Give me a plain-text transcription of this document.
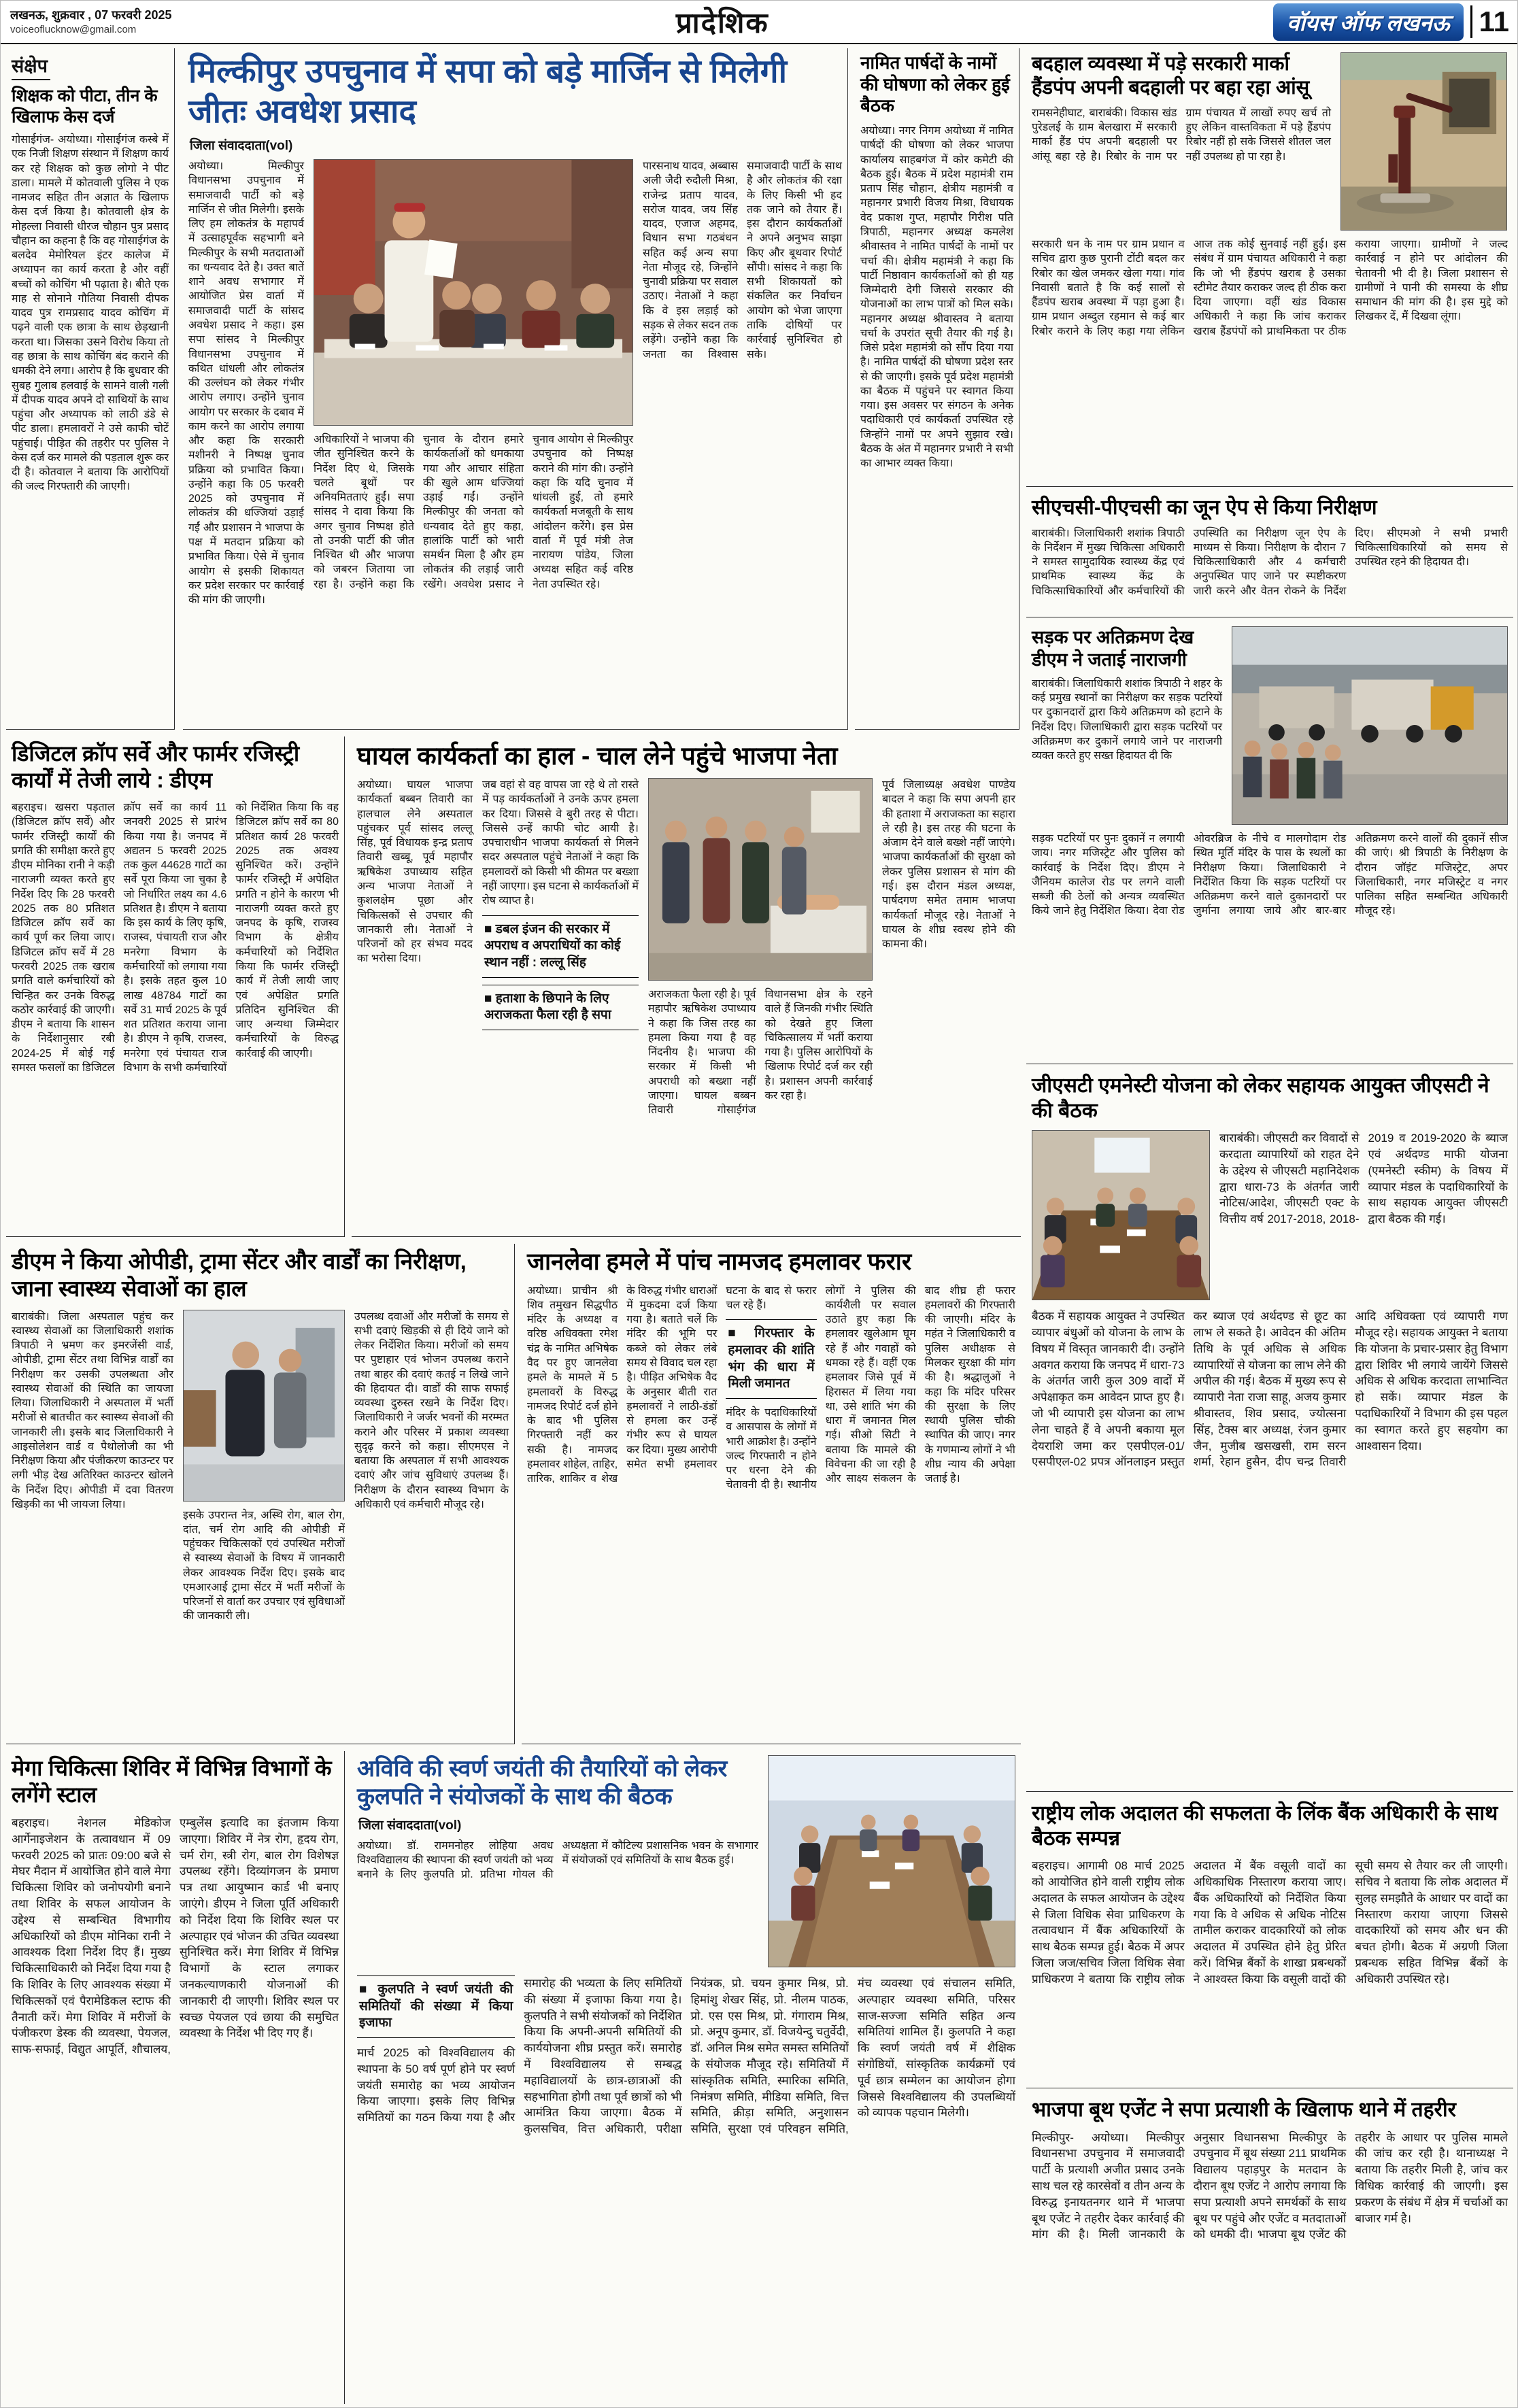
लखनऊ, शुक्रवार , 07 फरवरी 2025
voiceoflucknow@gmail.com	प्रादेशिक	वॉयस ऑफ लखनऊ	11
संक्षेप
शिक्षक को पीटा, तीन के खिलाफ केस दर्ज
गोसाईगंज- अयोध्या। गोसाईगंज कस्बे में एक निजी शिक्षण संस्थान में शिक्षण कार्य कर रहे शिक्षक को कुछ लोगो ने पीट डाला। मामले में कोतवाली पुलिस ने एक नामजद सहित तीन अज्ञात के खिलाफ केस दर्ज किया है। कोतवाली क्षेत्र के मोहल्ला निवासी धीरज चौहान पुत्र प्रसाद चौहान का कहना है कि वह गोसाईगंज के बलदेव मेमोरियल इंटर कालेज में अध्यापन का कार्य करता है और वहीं बच्चों को कोचिंग भी पढ़ाता है। बीते एक माह से सोनाने गौतिया निवासी दीपक यादव पुत्र रामप्रसाद यादव कोचिंग में पढ़ने वाली एक छात्रा के साथ छेड़खानी करता था। जिसका उसने विरोध किया तो वह छात्रा के साथ कोचिंग बंद कराने की धमकी देने लगा। आरोप है कि बुधवार की सुबह गुलाब हलवाई के सामने वाली गली में दीपक यादव अपने दो साथियों के साथ पहुंचा और अध्यापक को लाठी डंडे से पीट डाला। हमलावरों ने उसे काफी चोटें पहुंचाई। पीड़ित की तहरीर पर पुलिस ने केस दर्ज कर मामले की पड़ताल शुरू कर दी है। कोतवाल ने बताया कि आरोपियों की जल्द गिरफ्तारी की जाएगी।
मिल्कीपुर उपचुनाव में सपा को बड़े मार्जिन से मिलेगी जीतः अवधेश प्रसाद
जिला संवाददाता(vol)
अयोध्या। मिल्कीपुर विधानसभा उपचुनाव में समाजवादी पार्टी को बड़े मार्जिन से जीत मिलेगी। इसके लिए हम लोकतंत्र के महापर्व में उत्साहपूर्वक सहभागी बने मिल्कीपुर के सभी मतदाताओं का धन्यवाद देते है। उक्त बातें शाने अवध सभागार में आयोजित प्रेस वार्ता में समाजवादी पार्टी के सांसद अवधेश प्रसाद ने कहा। इस सपा सांसद ने मिल्कीपुर विधानसभा उपचुनाव में कथित धांधली और लोकतंत्र की उल्लंघन को लेकर गंभीर आरोप लगाए। उन्होंने चुनाव आयोग पर सरकार के दबाव में काम करने का आरोप लगाया और कहा कि सरकारी मशीनरी ने निष्पक्ष चुनाव प्रक्रिया को प्रभावित किया। उन्होंने कहा कि 05 फरवरी 2025 को उपचुनाव में लोकतंत्र की धज्जियां उड़ाई गईं और प्रशासन ने भाजपा के पक्ष में मतदान प्रक्रिया को प्रभावित किया। ऐसे में चुनाव आयोग से इसकी शिकायत कर प्रदेश सरकार पर कार्रवाई की मांग की जाएगी।
अधिकारियों ने भाजपा की जीत सुनिश्चित करने के निर्देश दिए थे, जिसके चलते बूथों पर अनियमितताएं हुईं। सपा सांसद ने दावा किया कि अगर चुनाव निष्पक्ष होते तो उनकी पार्टी की जीत निश्चित थी और भाजपा को जबरन जिताया जा रहा है। उन्होंने कहा कि चुनाव के दौरान हमारे कार्यकर्ताओं को धमकाया गया और आचार संहिता की खुले आम धज्जियां उड़ाई गईं। उन्होंने मिल्कीपुर की जनता को धन्यवाद देते हुए कहा, हालांकि पार्टी को भारी समर्थन मिला है और हम लोकतंत्र की लड़ाई जारी रखेंगे। अवधेश प्रसाद ने चुनाव आयोग से मिल्कीपुर उपचुनाव को निष्पक्ष कराने की मांग की। उन्होंने कहा कि यदि चुनाव में धांधली हुई, तो हमारे कार्यकर्ता मजबूती के साथ आंदोलन करेंगे। इस प्रेस वार्ता में पूर्व मंत्री तेज नारायण पांडेय, जिला अध्यक्ष सहित कई वरिष्ठ नेता उपस्थित रहे।
पारसनाथ यादव, अब्बास अली जैदी रुदौली मिश्रा, राजेन्द्र प्रताप यादव, सरोज यादव, जय सिंह यादव, एजाज अहमद, विधान सभा गठबंधन सहित कई अन्य सपा नेता मौजूद रहे, जिन्होंने चुनावी प्रक्रिया पर सवाल उठाए। नेताओं ने कहा कि वे इस लड़ाई को सड़क से लेकर सदन तक लड़ेंगे। उन्होंने कहा कि जनता का विश्वास समाजवादी पार्टी के साथ है और लोकतंत्र की रक्षा के लिए किसी भी हद तक जाने को तैयार हैं। इस दौरान कार्यकर्ताओं ने अपने अनुभव साझा किए और बूथवार रिपोर्ट सौंपी। सांसद ने कहा कि सभी शिकायतों को संकलित कर निर्वाचन आयोग को भेजा जाएगा ताकि दोषियों पर कार्रवाई सुनिश्चित हो सके।
नामित पार्षदों के नामों की घोषणा को लेकर हुई बैठक
अयोध्या। नगर निगम अयोध्या में नामित पार्षदों की घोषणा को लेकर भाजपा कार्यालय साहबगंज में कोर कमेटी की बैठक हुई। बैठक में प्रदेश महामंत्री राम प्रताप सिंह चौहान, क्षेत्रीय महामंत्री व महानगर प्रभारी विजय मिश्रा, विधायक वेद प्रकाश गुप्त, महापौर गिरीश पति त्रिपाठी, महानगर अध्यक्ष कमलेश श्रीवास्तव ने नामित पार्षदों के नामों पर चर्चा की। क्षेत्रीय महामंत्री ने कहा कि पार्टी निष्ठावान कार्यकर्ताओं को ही यह जिम्मेदारी देगी जिससे सरकार की योजनाओं का लाभ पात्रों को मिल सके। महानगर अध्यक्ष श्रीवास्तव ने बताया चर्चा के उपरांत सूची तैयार की गई है। जिसे प्रदेश महामंत्री को सौंप दिया गया है। नामित पार्षदों की घोषणा प्रदेश स्तर से की जाएगी। इसके पूर्व प्रदेश महामंत्री का बैठक में पहुंचने पर स्वागत किया गया। इस अवसर पर संगठन के अनेक पदाधिकारी एवं कार्यकर्ता उपस्थित रहे जिन्होंने नामों पर अपने सुझाव रखे। बैठक के अंत में महानगर प्रभारी ने सभी का आभार व्यक्त किया।
बदहाल व्यवस्था में पड़े सरकारी मार्का हैंडपंप अपनी बदहाली पर बहा रहा आंसू
रामसनेहीघाट, बाराबंकी। विकास खंड पुरेडलई के ग्राम बेलखारा में सरकारी मार्का हैंड पंप अपनी बदहाली पर आंसू बहा रहे है। रिबोर के नाम पर ग्राम पंचायत में लाखों रुपए खर्च तो हुए लेकिन वास्तविकता में पड़े हैंडपंप रिबोर नहीं हो सके जिससे शीतल जल नहीं उपलब्ध हो पा रहा है।
सरकारी धन के नाम पर ग्राम प्रधान व सचिव द्वारा कुछ पुरानी टोंटी बदल कर रिबोर का खेल जमकर खेला गया। गांव निवासी बताते है कि कई सालों से हैंडपंप खराब अवस्था में पड़ा हुआ है। ग्राम प्रधान अब्दुल रहमान से कई बार रिबोर कराने के लिए कहा गया लेकिन आज तक कोई सुनवाई नहीं हुई। इस संबंध में ग्राम पंचायत अधिकारी ने कहा कि जो भी हैंडपंप खराब है उसका स्टीमेट तैयार कराकर जल्द ही ठीक करा दिया जाएगा। वहीं खंड विकास अधिकारी ने कहा कि जांच कराकर खराब हैंडपंपों को प्राथमिकता पर ठीक कराया जाएगा। ग्रामीणों ने जल्द कार्रवाई न होने पर आंदोलन की चेतावनी भी दी है। जिला प्रशासन से ग्रामीणों ने पानी की समस्या के शीघ्र समाधान की मांग की है। इस मुद्दे को लिखकर दें, मैं दिखवा लूंगा।
सीएचसी-पीएचसी का जून ऐप से किया निरीक्षण
बाराबंकी। जिलाधिकारी शशांक त्रिपाठी के निर्देशन में मुख्य चिकित्सा अधिकारी ने समस्त सामुदायिक स्वास्थ्य केंद्र एवं प्राथमिक स्वास्थ्य केंद्र के चिकित्साधिकारियों और कर्मचारियों की उपस्थिति का निरीक्षण जून ऐप के माध्यम से किया। निरीक्षण के दौरान 7 चिकित्साधिकारी और 4 कर्मचारी अनुपस्थित पाए जाने पर स्पष्टीकरण जारी करने और वेतन रोकने के निर्देश दिए। सीएमओ ने सभी प्रभारी चिकित्साधिकारियों को समय से उपस्थित रहने की हिदायत दी।
सड़क पर अतिक्रमण देख डीएम ने जताई नाराजगी
बाराबंकी। जिलाधिकारी शशांक त्रिपाठी ने शहर के कई प्रमुख स्थानों का निरीक्षण कर सड़क पटरियों पर दुकानदारों द्वारा किये अतिक्रमण को हटाने के निर्देश दिए। जिलाधिकारी द्वारा सड़क पटरियों पर अतिक्रमण कर दुकानें लगाये जाने पर नाराजगी व्यक्त करते हुए सख्त हिदायत दी कि
सड़क पटरियों पर पुनः दुकानें न लगायी जाय। नगर मजिस्ट्रेट और पुलिस को कार्रवाई के निर्देश दिए। डीएम ने जैनियम कालेज रोड पर लगने वाली सब्जी की ठेलों को अन्यत्र व्यवस्थित किये जाने हेतु निर्देशित किया। देवा रोड ओवरब्रिज के नीचे व मालगोदाम रोड स्थित मूर्ति मंदिर के पास के स्थलों का निरीक्षण किया। जिलाधिकारी ने निर्देशित किया कि सड़क पटरियों पर अतिक्रमण करने वाले दुकानदारों पर जुर्माना लगाया जाये और बार-बार अतिक्रमण करने वालों की दुकानें सीज की जाएं। श्री त्रिपाठी के निरीक्षण के दौरान जॉइंट मजिस्ट्रेट, अपर जिलाधिकारी, नगर मजिस्ट्रेट व नगर पालिका सहित सम्बन्धित अधिकारी मौजूद रहे।
जीएसटी एमनेस्टी योजना को लेकर सहायक आयुक्त जीएसटी ने की बैठक
बाराबंकी। जीएसटी कर विवादों से करदाता व्यापारियों को राहत देने के उद्देश्य से जीएसटी महानिदेशक द्वारा धारा-73 के अंतर्गत जारी नोटिस/आदेश, जीएसटी एक्ट के वित्तीय वर्ष 2017-2018, 2018-2019 व 2019-2020 के ब्याज एवं अर्थदण्ड माफी योजना (एमनेस्टी स्कीम) के विषय में व्यापार मंडल के पदाधिकारियों के साथ सहायक आयुक्त जीएसटी द्वारा बैठक की गई।
बैठक में सहायक आयुक्त ने उपस्थित व्यापार बंधुओं को योजना के लाभ के विषय में विस्तृत जानकारी दी। उन्होंने अवगत कराया कि जनपद में धारा-73 के अंतर्गत जारी कुल 309 वादों में अपेक्षाकृत कम आवेदन प्राप्त हुए है। जो भी व्यापारी इस योजना का लाभ लेना चाहते हैं वे अपनी बकाया मूल देयराशि जमा कर एसपीएल-01/एसपीएल-02 प्रपत्र ऑनलाइन प्रस्तुत कर ब्याज एवं अर्थदण्ड से छूट का लाभ ले सकते है। आवेदन की अंतिम तिथि के पूर्व अधिक से अधिक व्यापारियों से योजना का लाभ लेने की अपील की गई। बैठक में मुख्य रूप से व्यापारी नेता राजा साहू, अजय कुमार श्रीवास्तव, शिव प्रसाद, ज्योत्सना सिंह, टैक्स बार अध्यक्ष, रंजन कुमार जैन, मुजीब खसखसी, राम सरन शर्मा, रेहान हुसैन, दीप चन्द्र तिवारी आदि अधिवक्ता एवं व्यापारी गण मौजूद रहे। सहायक आयुक्त ने बताया कि योजना के प्रचार-प्रसार हेतु विभाग द्वारा शिविर भी लगाये जायेंगे जिससे अधिक से अधिक करदाता लाभान्वित हो सकें। व्यापार मंडल के पदाधिकारियों ने विभाग की इस पहल का स्वागत करते हुए सहयोग का आश्वासन दिया।
राष्ट्रीय लोक अदालत की सफलता के लिंक बैंक अधिकारी के साथ बैठक सम्पन्न
बहराइच। आगामी 08 मार्च 2025 को आयोजित होने वाली राष्ट्रीय लोक अदालत के सफल आयोजन के उद्देश्य से जिला विधिक सेवा प्राधिकरण के तत्वावधान में बैंक अधिकारियों के साथ बैठक सम्पन्न हुई। बैठक में अपर जिला जज/सचिव जिला विधिक सेवा प्राधिकरण ने बताया कि राष्ट्रीय लोक अदालत में बैंक वसूली वादों का अधिकाधिक निस्तारण कराया जाए। बैंक अधिकारियों को निर्देशित किया गया कि वे अधिक से अधिक नोटिस तामील कराकर वादकारियों को लोक अदालत में उपस्थित होने हेतु प्रेरित करें। विभिन्न बैंकों के शाखा प्रबन्धकों ने आश्वस्त किया कि वसूली वादों की सूची समय से तैयार कर ली जाएगी। सचिव ने बताया कि लोक अदालत में सुलह समझौते के आधार पर वादों का निस्तारण कराया जाएगा जिससे वादकारियों को समय और धन की बचत होगी। बैठक में अग्रणी जिला प्रबन्धक सहित विभिन्न बैंकों के अधिकारी उपस्थित रहे।
भाजपा बूथ एजेंट ने सपा प्रत्याशी के खिलाफ थाने में तहरीर
मिल्कीपुर- अयोध्या। मिल्कीपुर विधानसभा उपचुनाव में समाजवादी पार्टी के प्रत्याशी अजीत प्रसाद उनके साथ चल रहे कारसेवों व तीन अन्य के विरुद्ध इनायतनगर थाने में भाजपा बूथ एजेंट ने तहरीर देकर कार्रवाई की मांग की है। मिली जानकारी के अनुसार विधानसभा मिल्कीपुर के उपचुनाव में बूथ संख्या 211 प्राथमिक विद्यालय पहाड़पुर के मतदान के दौरान बूथ एजेंट ने आरोप लगाया कि सपा प्रत्याशी अपने समर्थकों के साथ बूथ पर पहुंचे और एजेंट व मतदाताओं को धमकी दी। भाजपा बूथ एजेंट की तहरीर के आधार पर पुलिस मामले की जांच कर रही है। थानाध्यक्ष ने बताया कि तहरीर मिली है, जांच कर विधिक कार्रवाई की जाएगी। इस प्रकरण के संबंध में क्षेत्र में चर्चाओं का बाजार गर्म है।
डिजिटल क्रॉप सर्वे और फार्मर रजिस्ट्री कार्यों में तेजी लाये : डीएम
बहराइच। खसरा पड़ताल (डिजिटल क्रॉप सर्वे) और फार्मर रजिस्ट्री कार्यों की प्रगति की समीक्षा करते हुए डीएम मोनिका रानी ने कड़ी नाराजगी व्यक्त करते हुए निर्देश दिए कि 28 फरवरी 2025 तक 80 प्रतिशत डिजिटल क्रॉप सर्वे का कार्य पूर्ण कर लिया जाए। डिजिटल क्रॉप सर्वे में 28 फरवरी 2025 तक खराब प्रगति वाले कर्मचारियों को चिन्हित कर उनके विरुद्ध कठोर कार्रवाई की जाएगी। डीएम ने बताया कि शासन के निर्देशानुसार रबी 2024-25 में बोई गई समस्त फसलों का डिजिटल क्रॉप सर्वे का कार्य 11 जनवरी 2025 से प्रारंभ किया गया है। जनपद में अद्यतन 5 फरवरी 2025 तक कुल 44628 गाटों का सर्वे पूरा किया जा चुका है जो निर्धारित लक्ष्य का 4.6 प्रतिशत है। डीएम ने बताया कि इस कार्य के लिए कृषि, राजस्व, पंचायती राज और मनरेगा विभाग के कर्मचारियों को लगाया गया है। इसके तहत कुल 10 लाख 48784 गाटों का सर्वे 31 मार्च 2025 के पूर्व शत प्रतिशत कराया जाना है। डीएम ने कृषि, राजस्व, मनरेगा एवं पंचायत राज विभाग के सभी कर्मचारियों को निर्देशित किया कि वह डिजिटल क्रॉप सर्वे का 80 प्रतिशत कार्य 28 फरवरी 2025 तक अवश्य सुनिश्चित करें। उन्होंने फार्मर रजिस्ट्री में अपेक्षित प्रगति न होने के कारण भी नाराजगी व्यक्त करते हुए जनपद के कृषि, राजस्व विभाग के क्षेत्रीय कर्मचारियों को निर्देशित किया कि फार्मर रजिस्ट्री कार्य में तेजी लायी जाए एवं अपेक्षित प्रगति प्रतिदिन सुनिश्चित की जाए अन्यथा जिम्मेदार कर्मचारियों के विरुद्ध कार्रवाई की जाएगी।
घायल कार्यकर्ता का हाल - चाल लेने पहुंचे भाजपा नेता
अयोध्या। घायल भाजपा कार्यकर्ता बब्बन तिवारी का हालचाल लेने अस्पताल पहुंचकर पूर्व सांसद लल्लू सिंह, पूर्व विधायक इन्द्र प्रताप तिवारी खब्बू, पूर्व महापौर ऋषिकेश उपाध्याय सहित अन्य भाजपा नेताओं ने कुशलक्षेम पूछा और चिकित्सकों से उपचार की जानकारी ली। नेताओं ने परिजनों को हर संभव मदद का भरोसा दिया।
जब वहां से वह वापस जा रहे थे तो रास्ते में पड़ कार्यकर्ताओं ने उनके ऊपर हमला कर दिया। जिससे वे बुरी तरह से पीटा। जिससे उन्हें काफी चोट आयी है। उपचाराधीन भाजपा कार्यकर्ता से मिलने सदर अस्पताल पहुंचे नेताओं ने कहा कि हमलावरों को किसी भी कीमत पर बख्शा नहीं जाएगा। इस घटना से कार्यकर्ताओं में रोष व्याप्त है।
■ डबल इंजन की सरकार में अपराध व अपराधियों का कोई स्थान नहीं : लल्लू सिंह
■ हताशा के छिपाने के लिए अराजकता फैला रही है सपा
अराजकता फैला रही है। पूर्व महापौर ऋषिकेश उपाध्याय ने कहा कि जिस तरह का हमला किया गया है वह निंदनीय है। भाजपा की सरकार में किसी भी अपराधी को बख्शा नहीं जाएगा। घायल बब्बन तिवारी गोसाईगंज विधानसभा क्षेत्र के रहने वाले हैं जिनकी गंभीर स्थिति को देखते हुए जिला चिकित्सालय में भर्ती कराया गया है। पुलिस आरोपियों के खिलाफ रिपोर्ट दर्ज कर रही है। प्रशासन अपनी कार्रवाई कर रहा है।
पूर्व जिलाध्यक्ष अवधेश पाण्डेय बादल ने कहा कि सपा अपनी हार की हताशा में अराजकता का सहारा ले रही है। इस तरह की घटना के अंजाम देने वाले बख्शे नहीं जाएंगे। भाजपा कार्यकर्ताओं की सुरक्षा को लेकर पुलिस प्रशासन से मांग की गई। इस दौरान मंडल अध्यक्ष, पार्षदगण समेत तमाम भाजपा कार्यकर्ता मौजूद रहे। नेताओं ने घायल के शीघ्र स्वस्थ होने की कामना की।
डीएम ने किया ओपीडी, ट्रामा सेंटर और वार्डों का निरीक्षण, जाना स्वास्थ्य सेवाओं का हाल
बाराबंकी। जिला अस्पताल पहुंच कर स्वास्थ्य सेवाओं का जिलाधिकारी शशांक त्रिपाठी ने भ्रमण कर इमरजेंसी वार्ड, ओपीडी, ट्रामा सेंटर तथा विभिन्न वार्डों का निरीक्षण कर उसकी उपलब्धता और स्वास्थ्य सेवाओं की स्थिति का जायजा लिया। जिलाधिकारी ने अस्पताल में भर्ती मरीजों से बातचीत कर स्वास्थ्य सेवाओं की जानकारी ली। इसके बाद जिलाधिकारी ने आइसोलेशन वार्ड व पैथोलोजी का भी निरीक्षण किया और पंजीकरण काउन्टर पर लगी भीड़ देख अतिरिक्त काउन्टर खोलने के निर्देश दिए। ओपीडी में दवा वितरण खिड़की का भी जायजा लिया।
इसके उपरान्त नेत्र, अस्थि रोग, बाल रोग, दांत, चर्म रोग आदि की ओपीडी में पहुंचकर चिकित्सकों एवं उपस्थित मरीजों से स्वास्थ्य सेवाओं के विषय में जानकारी लेकर आवश्यक निर्देश दिए। इसके बाद एमआरआई ट्रामा सेंटर में भर्ती मरीजों के परिजनों से वार्ता कर उपचार एवं सुविधाओं की जानकारी ली।
उपलब्ध दवाओं और मरीजों के समय से सभी दवाएं खिड़की से ही दिये जाने को लेकर निर्देशित किया। मरीजों को समय पर पुष्टाहार एवं भोजन उपलब्ध कराने तथा बाहर की दवाएं कतई न लिखे जाने की हिदायत दी। वार्डों की साफ सफाई व्यवस्था दुरुस्त रखने के निर्देश दिए। जिलाधिकारी ने जर्जर भवनों की मरम्मत कराने और परिसर में प्रकाश व्यवस्था सुदृढ़ करने को कहा। सीएमएस ने बताया कि अस्पताल में सभी आवश्यक दवाएं और जांच सुविधाएं उपलब्ध हैं। निरीक्षण के दौरान स्वास्थ्य विभाग के अधिकारी एवं कर्मचारी मौजूद रहे।
जानलेवा हमले में पांच नामजद हमलावर फरार
अयोध्या। प्राचीन श्री शिव तमुखन सिद्धपीठ मंदिर के अध्यक्ष व वरिष्ठ अधिवक्ता रमेश चंद्र के नामित अभिषेक वैद पर हुए जानलेवा हमले के मामले में 5 हमलावरों के विरुद्ध नामजद रिपोर्ट दर्ज होने के बाद भी पुलिस गिरफ्तारी नहीं कर सकी है। नामजद हमलावर शोहेल, ताहिर, तारिक, शाकिर व शेख के विरुद्ध गंभीर धाराओं में मुकदमा दर्ज किया गया है। बताते चलें कि मंदिर की भूमि पर कब्जे को लेकर लंबे समय से विवाद चल रहा है। पीड़ित अभिषेक वैद के अनुसार बीती रात हमलावरों ने लाठी-डंडों से हमला कर उन्हें गंभीर रूप से घायल कर दिया। मुख्य आरोपी समेत सभी हमलावर घटना के बाद से फरार चल रहे हैं।
■ गिरफ्तार के हमलावर की शांति भंग की धारा में मिली जमानत
मंदिर के पदाधिकारियों व आसपास के लोगों में भारी आक्रोश है। उन्होंने जल्द गिरफ्तारी न होने पर धरना देने की चेतावनी दी है। स्थानीय लोगों ने पुलिस की कार्यशैली पर सवाल उठाते हुए कहा कि हमलावर खुलेआम घूम रहे हैं और गवाहों को धमका रहे हैं। वहीं एक हमलावर जिसे पूर्व में हिरासत में लिया गया था, उसे शांति भंग की धारा में जमानत मिल गई। सीओ सिटी ने बताया कि मामले की विवेचना की जा रही है और साक्ष्य संकलन के बाद शीघ्र ही फरार हमलावरों की गिरफ्तारी की जाएगी। मंदिर के महंत ने जिलाधिकारी व पुलिस अधीक्षक से मिलकर सुरक्षा की मांग की है। श्रद्धालुओं ने कहा कि मंदिर परिसर की सुरक्षा के लिए स्थायी पुलिस चौकी स्थापित की जाए। नगर के गणमान्य लोगों ने भी शीघ्र न्याय की अपेक्षा जताई है।
मेगा चिकित्सा शिविर में विभिन्न विभागों के लगेंगे स्टाल
बहराइच। नेशनल मेडिकोज आर्गेनाइजेशन के तत्वावधान में 09 फरवरी 2025 को प्रातः 09:00 बजे से मेघर मैदान में आयोजित होने वाले मेगा चिकित्सा शिविर को जनोपयोगी बनाने तथा शिविर के सफल आयोजन के उद्देश्य से सम्बन्धित विभागीय अधिकारियों को डीएम मोनिका रानी ने आवश्यक दिशा निर्देश दिए हैं। मुख्य चिकित्साधिकारी को निर्देश दिया गया है कि शिविर के लिए आवश्यक संख्या में चिकित्सकों एवं पैरामेडिकल स्टाफ की तैनाती करें। मेगा शिविर में मरीजों के पंजीकरण डेस्क की व्यवस्था, पेयजल, साफ-सफाई, विद्युत आपूर्ति, शौचालय, एम्बुलेंस इत्यादि का इंतजाम किया जाएगा। शिविर में नेत्र रोग, हृदय रोग, चर्म रोग, स्त्री रोग, बाल रोग विशेषज्ञ उपलब्ध रहेंगे। दिव्यांगजन के प्रमाण पत्र तथा आयुष्मान कार्ड भी बनाए जाएंगे। डीएम ने जिला पूर्ति अधिकारी को निर्देश दिया कि शिविर स्थल पर अल्पाहार एवं भोजन की उचित व्यवस्था सुनिश्चित करें। मेगा शिविर में विभिन्न विभागों के स्टाल लगाकर जनकल्याणकारी योजनाओं की जानकारी दी जाएगी। शिविर स्थल पर स्वच्छ पेयजल एवं छाया की समुचित व्यवस्था के निर्देश भी दिए गए हैं।
अविवि की स्वर्ण जयंती की तैयारियों को लेकर कुलपति ने संयोजकों के साथ की बैठक
जिला संवाददाता(vol)
अयोध्या। डॉ. राममनोहर लोहिया अवध विश्वविद्यालय की स्थापना की स्वर्ण जयंती को भव्य बनाने के लिए कुलपति प्रो. प्रतिभा गोयल की अध्यक्षता में कौटिल्य प्रशासनिक भवन के सभागार में संयोजकों एवं समितियों के साथ बैठक हुई।
■ कुलपति ने स्वर्ण जयंती की समितियों की संख्या में किया इजाफा
मार्च 2025 को विश्वविद्यालय की स्थापना के 50 वर्ष पूर्ण होने पर स्वर्ण जयंती समारोह का भव्य आयोजन किया जाएगा। इसके लिए विभिन्न समितियों का गठन किया गया है और समारोह की भव्यता के लिए समितियों की संख्या में इजाफा किया गया है। कुलपति ने सभी संयोजकों को निर्देशित किया कि अपनी-अपनी समितियों की कार्ययोजना शीघ्र प्रस्तुत करें। समारोह में विश्वविद्यालय से सम्बद्ध महाविद्यालयों के छात्र-छात्राओं की सहभागिता होगी तथा पूर्व छात्रों को भी आमंत्रित किया जाएगा। बैठक में कुलसचिव, वित्त अधिकारी, परीक्षा नियंत्रक, प्रो. चयन कुमार मिश्र, प्रो. हिमांशु शेखर सिंह, प्रो. नीलम पाठक, प्रो. एस एस मिश्र, प्रो. गंगाराम मिश्र, प्रो. अनूप कुमार, डॉ. विजयेन्दु चतुर्वेदी, डॉ. अनिल मिश्र समेत समस्त समितियों के संयोजक मौजूद रहे। समितियों में सांस्कृतिक समिति, स्मारिका समिति, निमंत्रण समिति, मीडिया समिति, वित्त समिति, क्रीड़ा समिति, अनुशासन समिति, सुरक्षा एवं परिवहन समिति, मंच व्यवस्था एवं संचालन समिति, अल्पाहार व्यवस्था समिति, परिसर साज-सज्जा समिति सहित अन्य समितियां शामिल हैं। कुलपति ने कहा कि स्वर्ण जयंती वर्ष में शैक्षिक संगोष्ठियों, सांस्कृतिक कार्यक्रमों एवं पूर्व छात्र सम्मेलन का आयोजन होगा जिससे विश्वविद्यालय की उपलब्धियों को व्यापक पहचान मिलेगी।
